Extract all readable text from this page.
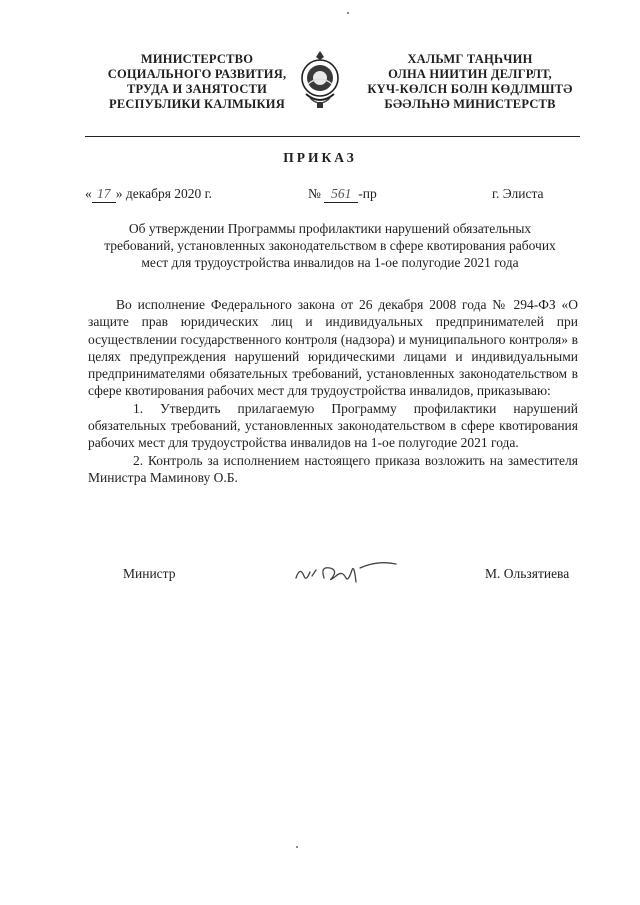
МИНИСТЕРСТВО
СОЦИАЛЬНОГО РАЗВИТИЯ,
ТРУДА И ЗАНЯТОСТИ
РЕСПУБЛИКИ КАЛМЫКИЯ
ХАЛЬМГ ТАҢҺЧИН
ОЛНА НИИТИН ДЕЛГРЛТ,
КҮЧ-КӨЛСН БОЛН КӨДЛМШТӘ
БӘӘЛҺНӘ МИНИСТЕРСТВ
ПРИКАЗ
« 17 » декабря 2020 г.	№ 561 -пр	г. Элиста
Об утверждении Программы профилактики нарушений обязательных требований, установленных законодательством в сфере квотирования рабочих мест для трудоустройства инвалидов на 1-ое полугодие 2021 года

Во исполнение Федерального закона от 26 декабря 2008 года № 294-ФЗ «О защите прав юридических лиц и индивидуальных предпринимателей при осуществлении государственного контроля (надзора) и муниципального контроля» в целях предупреждения нарушений юридическими лицами и индивидуальными предпринимателями обязательных требований, установленных законодательством в сфере квотирования рабочих мест для трудоустройства инвалидов, приказываю:

1. Утвердить прилагаемую Программу профилактики нарушений обязательных требований, установленных законодательством в сфере квотирования рабочих мест для трудоустройства инвалидов на 1-ое полугодие 2021 года.

2. Контроль за исполнением настоящего приказа возложить на заместителя Министра Маминову О.Б.

Министр	М. Ользятиева
